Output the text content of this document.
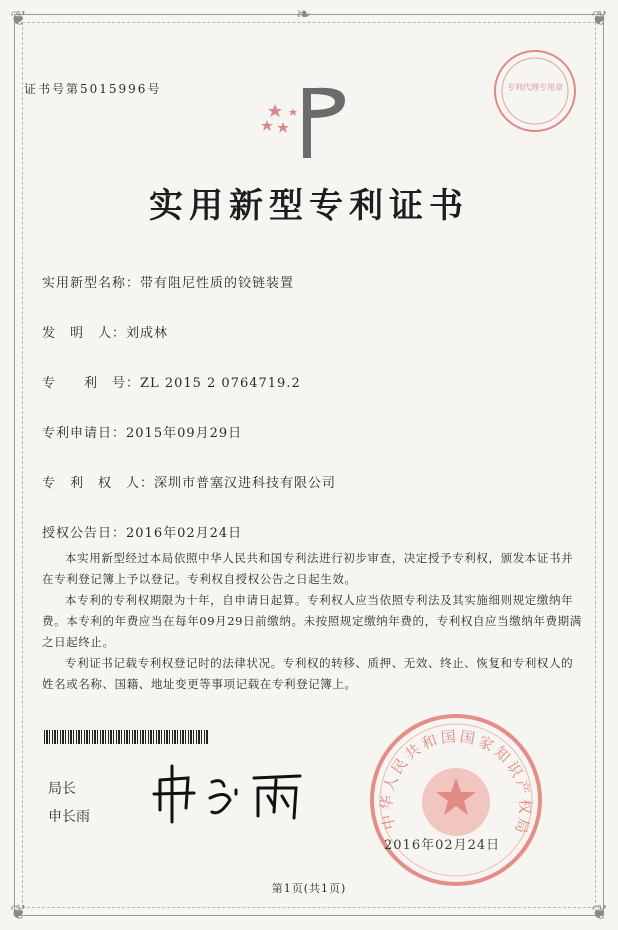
❦	❦
❦	❦
❧
专利代理专用章
证书号第5015996号
实用新型专利证书
实用新型名称：带有阻尼性质的铰链装置
发　明　人：刘成林
专　　利　号：ZL 2015 2 0764719.2
专利申请日：2015年09月29日
专　利　权　人：深圳市普塞汉进科技有限公司
授权公告日：2016年02月24日

本实用新型经过本局依照中华人民共和国专利法进行初步审查，决定授予专利权，颁发本证书并在专利登记簿上予以登记。专利权自授权公告之日起生效。

本专利的专利权期限为十年，自申请日起算。专利权人应当依照专利法及其实施细则规定缴纳年费。本专利的年费应当在每年09月29日前缴纳。未按照规定缴纳年费的，专利权自应当缴纳年费期满之日起终止。

专利证书记载专利权登记时的法律状况。专利权的转移、质押、无效、终止、恢复和专利权人的姓名或名称、国籍、地址变更等事项记载在专利登记簿上。

局长
申长雨	中华人民共和国国家知识产权局
2016年02月24日
第1页(共1页)
